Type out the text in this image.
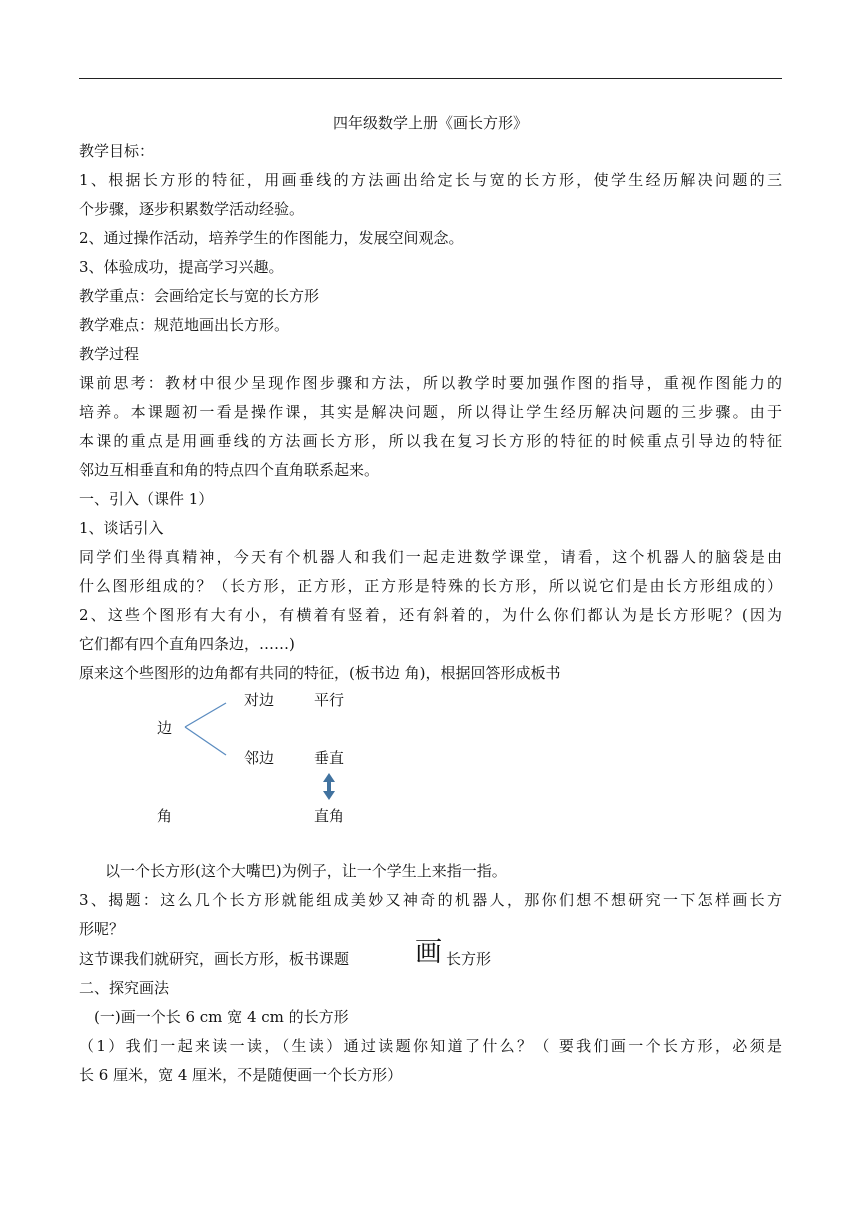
四年级数学上册《画长方形》
教学目标：
1、根据长方形的特征，用画垂线的方法画出给定长与宽的长方形，使学生经历解决问题的三
个步骤，逐步积累数学活动经验。
2、通过操作活动，培养学生的作图能力，发展空间观念。
3、体验成功，提高学习兴趣。
教学重点：会画给定长与宽的长方形
教学难点：规范地画出长方形。
教学过程
课前思考：教材中很少呈现作图步骤和方法，所以教学时要加强作图的指导，重视作图能力的
培养。本课题初一看是操作课，其实是解决问题，所以得让学生经历解决问题的三步骤。由于
本课的重点是用画垂线的方法画长方形，所以我在复习长方形的特征的时候重点引导边的特征
邻边互相垂直和角的特点四个直角联系起来。
一、引入（课件 1）
1、谈话引入
同学们坐得真精神，今天有个机器人和我们一起走进数学课堂，请看，这个机器人的脑袋是由
什么图形组成的？（长方形，正方形，正方形是特殊的长方形，所以说它们是由长方形组成的）
2、这些个图形有大有小，有横着有竖着，还有斜着的，为什么你们都认为是长方形呢？(因为
它们都有四个直角四条边，……)
原来这个些图形的边角都有共同的特征，(板书边 角)，根据回答形成板书
边
对边	平行
邻边	垂直
角	直角
以一个长方形(这个大嘴巴)为例子，让一个学生上来指一指。
3、揭题：这么几个长方形就能组成美妙又神奇的机器人，那你们想不想研究一下怎样画长方
形呢？
这节课我们就研究，画长方形，板书课题 画 长方形
二、探究画法
(一)画一个长 6 cm 宽 4 cm 的长方形
（1）我们一起来读一读，（生读）通过读题你知道了什么？（ 要我们画一个长方形，必须是
长 6 厘米，宽 4 厘米，不是随便画一个长方形）
